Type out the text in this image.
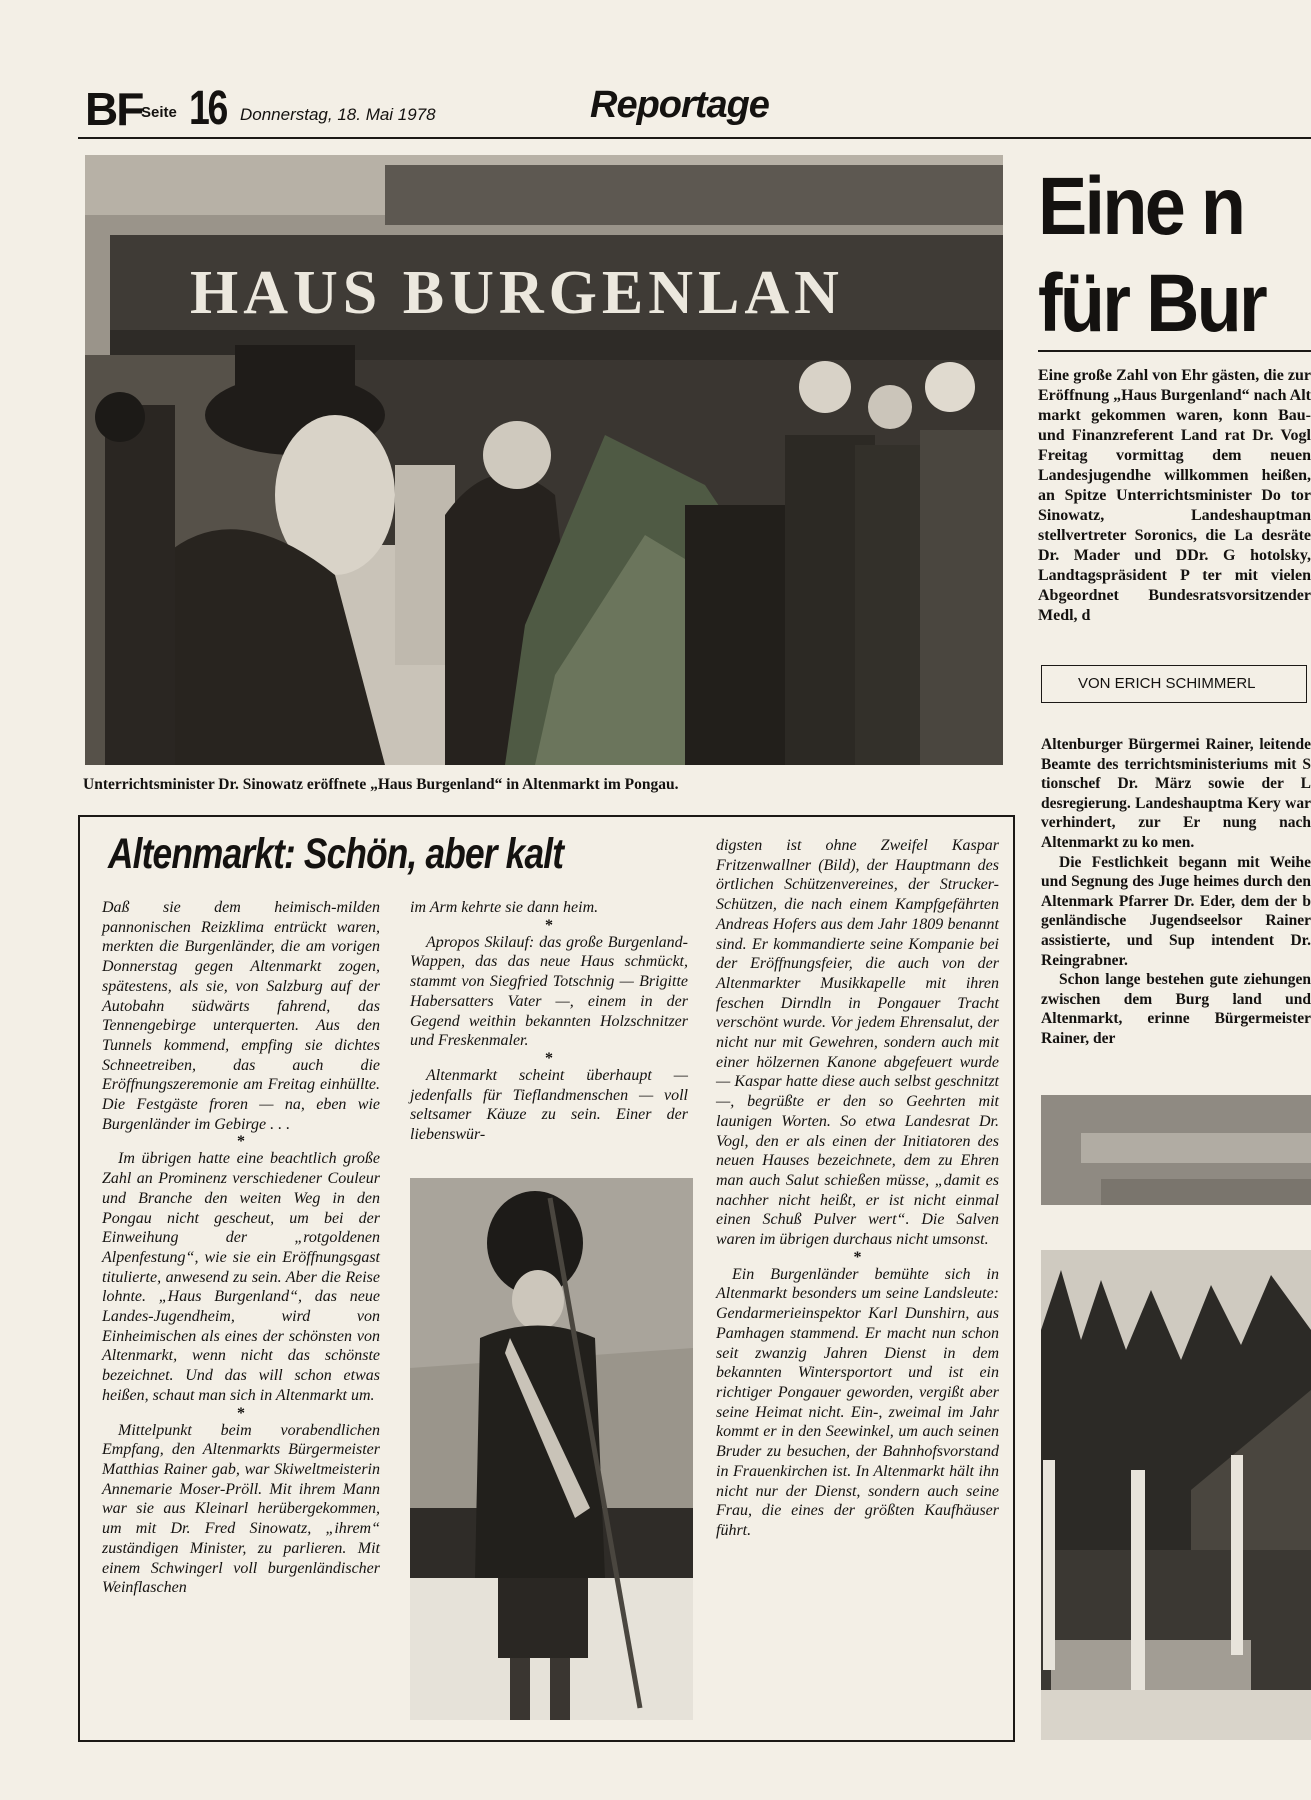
BF
Seite 16 Donnerstag, 18. Mai 1978	Reportage
HAUS BURGENLAN
Unterrichtsminister Dr. Sinowatz eröffnete „Haus Burgenland“ in Altenmarkt im Pongau.
Eine n
für Bur
Eine große Zahl von Ehr gästen, die zur Eröffnung „Haus Burgenland“ nach Alt markt gekommen waren, konn Bau- und Finanzreferent Land rat Dr. Vogl Freitag vormittag dem neuen Landesjugendhe willkommen heißen, an Spitze Unterrichtsminister Do tor Sinowatz, Landeshauptman stellvertreter Soronics, die La desräte Dr. Mader und DDr. G hotolsky, Landtagspräsident P ter mit vielen Abgeordnet Bundesratsvorsitzender Medl, d
VON ERICH SCHIMMERL

Altenburger Bürgermei Rainer, leitende Beamte des terrichtsministeriums mit S tionschef Dr. März sowie der L desregierung. Landeshauptma Kery war verhindert, zur Er nung nach Altenmarkt zu ko men.

Die Festlichkeit begann mit Weihe und Segnung des Juge heimes durch den Altenmark Pfarrer Dr. Eder, dem der b genländische Jugendseelsor Rainer assistierte, und Sup intendent Dr. Reingrabner.

Schon lange bestehen gute ziehungen zwischen dem Burg land und Altenmarkt, erinne Bürgermeister Rainer, der

Altenmarkt: Schön, aber kalt

Daß sie dem heimisch-milden pannonischen Reizklima entrückt waren, merkten die Burgenländer, die am vorigen Donnerstag gegen Altenmarkt zogen, spätestens, als sie, von Salzburg auf der Autobahn südwärts fahrend, das Tennengebirge unterquerten. Aus den Tunnels kommend, empfing sie dichtes Schneetreiben, das auch die Eröffnungszeremonie am Freitag einhüllte. Die Festgäste froren — na, eben wie Burgenländer im Gebirge . . .

*

Im übrigen hatte eine beachtlich große Zahl an Prominenz verschiedener Couleur und Branche den weiten Weg in den Pongau nicht gescheut, um bei der Einweihung der „rotgoldenen Alpenfestung“, wie sie ein Eröffnungsgast titulierte, anwesend zu sein. Aber die Reise lohnte. „Haus Burgenland“, das neue Landes-Jugendheim, wird von Einheimischen als eines der schönsten von Altenmarkt, wenn nicht das schönste bezeichnet. Und das will schon etwas heißen, schaut man sich in Altenmarkt um.

*

Mittelpunkt beim vorabendlichen Empfang, den Altenmarkts Bürgermeister Matthias Rainer gab, war Skiweltmeisterin Annemarie Moser-Pröll. Mit ihrem Mann war sie aus Kleinarl herübergekommen, um mit Dr. Fred Sinowatz, „ihrem“ zuständigen Minister, zu parlieren. Mit einem Schwingerl voll burgenländischer Weinflaschen

im Arm kehrte sie dann heim.

*

Apropos Skilauf: das große Burgenland-Wappen, das das neue Haus schmückt, stammt von Siegfried Totschnig — Brigitte Habersatters Vater —, einem in der Gegend weithin bekannten Holzschnitzer und Freskenmaler.

*

Altenmarkt scheint überhaupt — jedenfalls für Tieflandmenschen — voll seltsamer Käuze zu sein. Einer der liebenswür-

digsten ist ohne Zweifel Kaspar Fritzenwallner (Bild), der Hauptmann des örtlichen Schützenvereines, der Strucker-Schützen, die nach einem Kampfgefährten Andreas Hofers aus dem Jahr 1809 benannt sind. Er kommandierte seine Kompanie bei der Eröffnungsfeier, die auch von der Altenmarkter Musikkapelle mit ihren feschen Dirndln in Pongauer Tracht verschönt wurde. Vor jedem Ehrensalut, der nicht nur mit Gewehren, sondern auch mit einer hölzernen Kanone abgefeuert wurde — Kaspar hatte diese auch selbst geschnitzt —, begrüßte er den so Geehrten mit launigen Worten. So etwa Landesrat Dr. Vogl, den er als einen der Initiatoren des neuen Hauses bezeichnete, dem zu Ehren man auch Salut schießen müsse, „damit es nachher nicht heißt, er ist nicht einmal einen Schuß Pulver wert“. Die Salven waren im übrigen durchaus nicht umsonst.

*

Ein Burgenländer bemühte sich in Altenmarkt besonders um seine Landsleute: Gendarmerieinspektor Karl Dunshirn, aus Pamhagen stammend. Er macht nun schon seit zwanzig Jahren Dienst in dem bekannten Wintersportort und ist ein richtiger Pongauer geworden, vergißt aber seine Heimat nicht. Ein-, zweimal im Jahr kommt er in den Seewinkel, um auch seinen Bruder zu besuchen, der Bahnhofsvorstand in Frauenkirchen ist. In Altenmarkt hält ihn nicht nur der Dienst, sondern auch seine Frau, die eines der größten Kaufhäuser führt.
